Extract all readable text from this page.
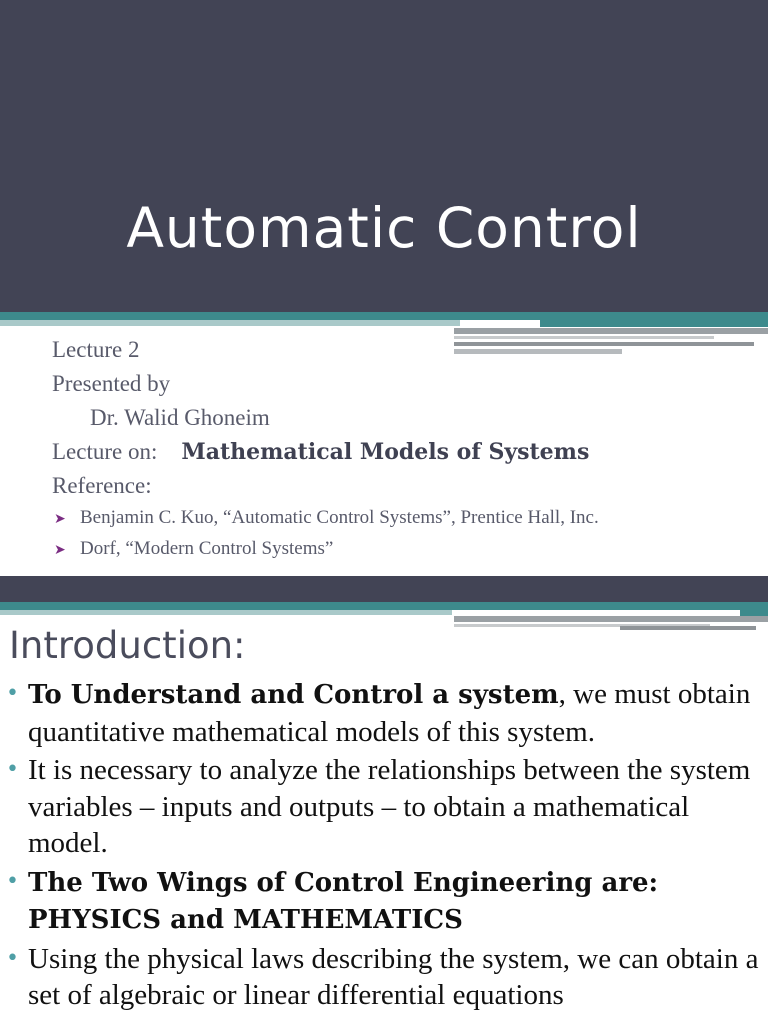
Automatic Control
Lecture 2
Presented by
Dr. Walid Ghoneim
Lecture on: Mathematical Models of Systems
Reference:
➤ Benjamin C. Kuo, “Automatic Control Systems”, Prentice Hall, Inc.
➤ Dorf, “Modern Control Systems”
Introduction:
• To Understand and Control a system, we must obtain quantitative mathematical models of this system.
• It is necessary to analyze the relationships between the system variables – inputs and outputs – to obtain a mathematical model.
• The Two Wings of Control Engineering are: PHYSICS and MATHEMATICS
• Using the physical laws describing the system, we can obtain a set of algebraic or linear differential equations
